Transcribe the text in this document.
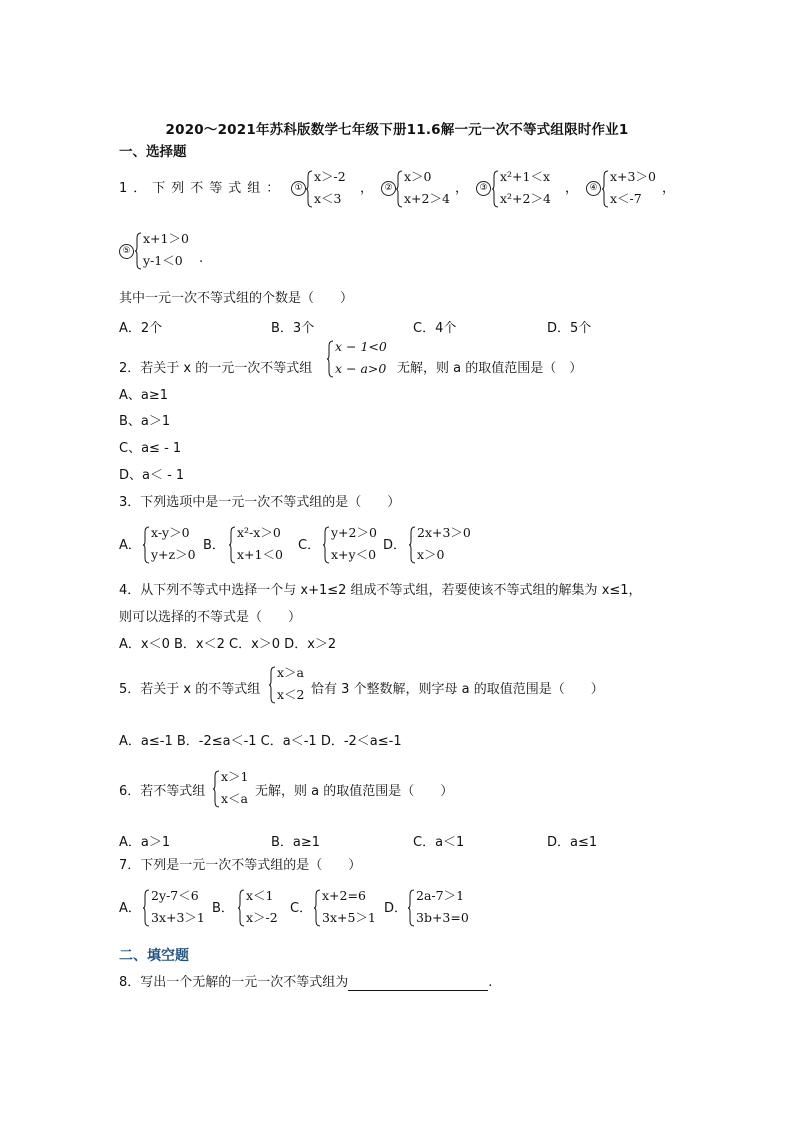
2020～2021年苏科版数学七年级下册11.6解一元一次不等式组限时作业1
一、选择题
1．下列不等式组：	①
x＞-2
x＜3
，	②
x＞0
x+2＞4
，	③
x²+1＜x
x²+2＞4
，	④
x+3＞0
x＜-7
，
⑤
x+1＞0
y-1＜0 .
其中一元一次不等式组的个数是（　　）
A．2个	B．3个	C．4个	D．5个
2．若关于 x 的一元一次不等式组
x − 1<0
x − a>0 无解，则 a 的取值范围是（　）
A、a≥1
B、a＞1
C、a≤ - 1
D、a＜ - 1
3．下列选项中是一元一次不等式组的是（　　）
A．
x-y＞0
y+z＞0
B．
x²-x＞0
x+1＜0
C．
y+2＞0
x+y＜0
D．
2x+3＞0
x＞0
4．从下列不等式中选择一个与 x+1≤2 组成不等式组，若要使该不等式组的解集为 x≤1，
则可以选择的不等式是（　　）
A．x＜0 B．x＜2 C．x＞0 D．x＞2
5．若关于 x 的不等式组
x＞a
x＜2 恰有 3 个整数解，则字母 a 的取值范围是（　　）
A．a≤-1 B．-2≤a＜-1 C．a＜-1 D．-2＜a≤-1
6．若不等式组
x＞1
x＜a 无解，则 a 的取值范围是（　　）
A．a＞1	B．a≥1	C．a＜1	D．a≤1
7．下列是一元一次不等式组的是（　　）
A．
2y-7＜6
3x+3＞1
B．
x＜1
x＞-2
C．
x+2=6
3x+5＞1
D．
2a-7＞1
3b+3=0
二、填空题
8．写出一个无解的一元一次不等式组为	.
